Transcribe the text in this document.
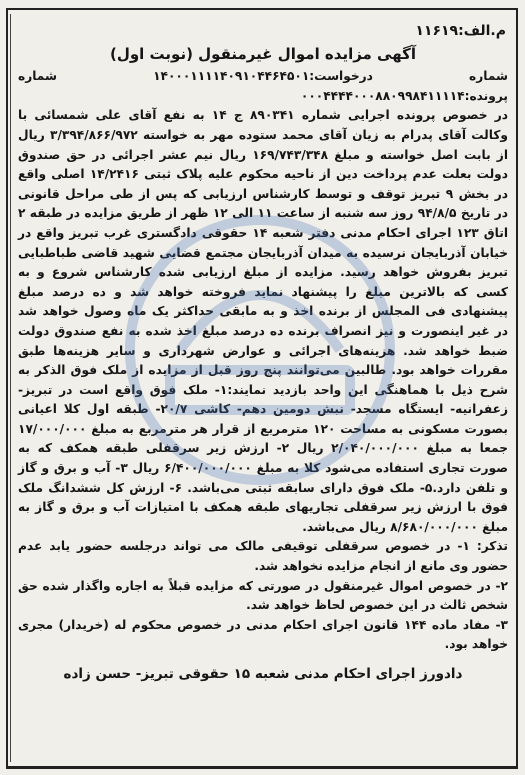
م.الف:۱۱۶۱۹
آگهی مزایده اموال غیرمنقول (نوبت اول)

شماره درخواست:۱۴۰۰۰۱۱۱۱۴۰۹۱۰۴۴۶۴۵۰۱ شماره پرونده:۰۰۰۴۴۴۴۰۰۰۸۸۰۹۹۸۴۱۱۱۱۴

در خصوص پرونده اجرایی شماره ۸۹۰۳۴۱ ج ۱۴ به نفع آقای علی شمسائی با وکالت آقای پدرام به زیان آقای محمد ستوده مهر به خواسته ۳/۳۹۴/۸۶۶/۹۷۲ ریال از بابت اصل خواسته و مبلغ ۱۶۹/۷۴۳/۳۴۸ ریال نیم عشر اجرائی در حق صندوق دولت بعلت عدم پرداخت دین از ناحیه محکوم علیه پلاک ثبتی ۱۴/۲۴۱۶ اصلی واقع در بخش ۹ تبریز توقف و توسط کارشناس ارزیابی که پس از طی مراحل قانونی در تاریخ ۹۴/۸/۵ روز سه شنبه از ساعت ۱۱ الی ۱۲ ظهر از طریق مزایده در طبقه ۲ اتاق ۱۲۳ اجرای احکام مدنی دفتر شعبه ۱۴ حقوقی دادگستری غرب تبریز واقع در خیابان آذربایجان نرسیده به میدان آذربایجان مجتمع قضایی شهید قاضی طباطبایی تبریز بفروش خواهد رسید. مزایده از مبلغ ارزیابی شده کارشناس شروع و به کسی که بالاترین مبلغ را پیشنهاد نماید فروخته خواهد شد و ده درصد مبلغ پیشنهادی فی المجلس از برنده اخذ و به مابقی حداکثر یک ماه وصول خواهد شد در غیر اینصورت و نیز انصراف برنده ده درصد مبلغ اخذ شده به نفع صندوق دولت ضبط خواهد شد. هزینه‌های اجرائی و عوارض شهرداری و سایر هزینه‌ها طبق مقررات خواهد بود. طالبین می‌توانند پنج روز قبل از مزایده از ملک فوق الذکر به شرح ذیل با هماهنگی این واحد بازدید نمایند:۱- ملک فوق واقع است در تبریز- زعفرانیه- ایستگاه مسجد- نبش دومین دهم- کاشی ۲۰/۷- طبقه اول کلا اعیانی بصورت مسکونی به مساحت ۱۲۰ مترمربع از قرار هر مترمربع به مبلغ ۱۷/۰۰۰/۰۰۰ جمعا به مبلغ ۲/۰۴۰/۰۰۰/۰۰۰ ریال ۲- ارزش زیر سرقفلی طبقه همکف که به صورت تجاری استفاده می‌شود کلا به مبلغ ۶/۴۰۰/۰۰۰/۰۰۰ ریال ۳- آب و برق و گاز و تلفن دارد.۵- ملک فوق دارای سابقه ثبتی می‌باشد. ۶- ارزش کل ششدانگ ملک فوق با ارزش زیر سرقفلی تجاریهای طبقه همکف با امتیازات آب و برق و گاز به مبلغ ۸/۶۸۰/۰۰۰/۰۰۰ ریال می‌باشد.

تذکر: ۱- در خصوص سرقفلی توقیفی مالک می تواند درجلسه حضور یابد عدم حضور وی مانع از انجام مزایده نخواهد شد.

۲- در خصوص اموال غیرمنقول در صورتی که مزایده قبلاً به اجاره واگذار شده حق شخص ثالث در این خصوص لحاظ خواهد شد.

۳- مفاد ماده ۱۴۴ قانون اجرای احکام مدنی در خصوص محکوم له (خریدار) مجری خواهد بود.

دادورز اجرای احکام مدنی شعبه ۱۵ حقوقی تبریز- حسن زاده
